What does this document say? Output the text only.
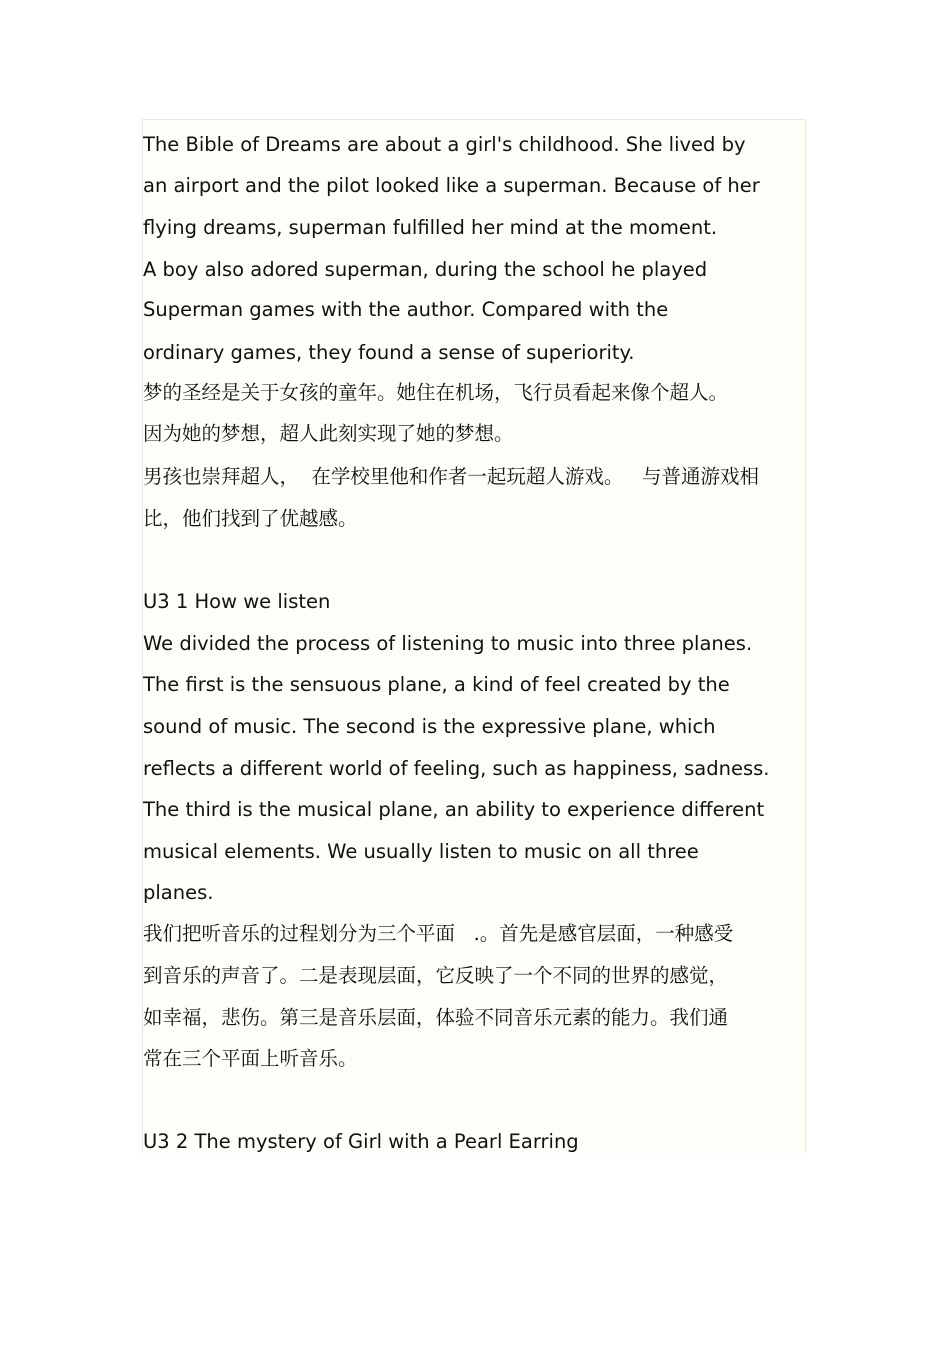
The Bible of Dreams are about a girl's childhood. She lived by

an airport and the pilot looked like a superman. Because of her

flying dreams, superman fulfilled her mind at the moment.

A boy also adored superman, during the school he played

Superman games with the author. Compared with the

ordinary games, they found a sense of superiority.

梦的圣经是关于女孩的童年。她住在机场，飞行员看起来像个超人。

因为她的梦想，超人此刻实现了她的梦想。

男孩也崇拜超人，  在学校里他和作者一起玩超人游戏。   与普通游戏相

比，他们找到了优越感。

U3 1 How we listen

We divided the process of listening to music into three planes.

The first is the sensuous plane, a kind of feel created by the

sound of music. The second is the expressive plane, which

reflects a different world of feeling, such as happiness, sadness.

The third is the musical plane, an ability to experience different

musical elements. We usually listen to music on all three

planes.

我们把听音乐的过程划分为三个平面   .。首先是感官层面，一种感受

到音乐的声音了。二是表现层面，它反映了一个不同的世界的感觉，

如幸福，悲伤。第三是音乐层面，体验不同音乐元素的能力。我们通

常在三个平面上听音乐。

U3 2 The mystery of Girl with a Pearl Earring
